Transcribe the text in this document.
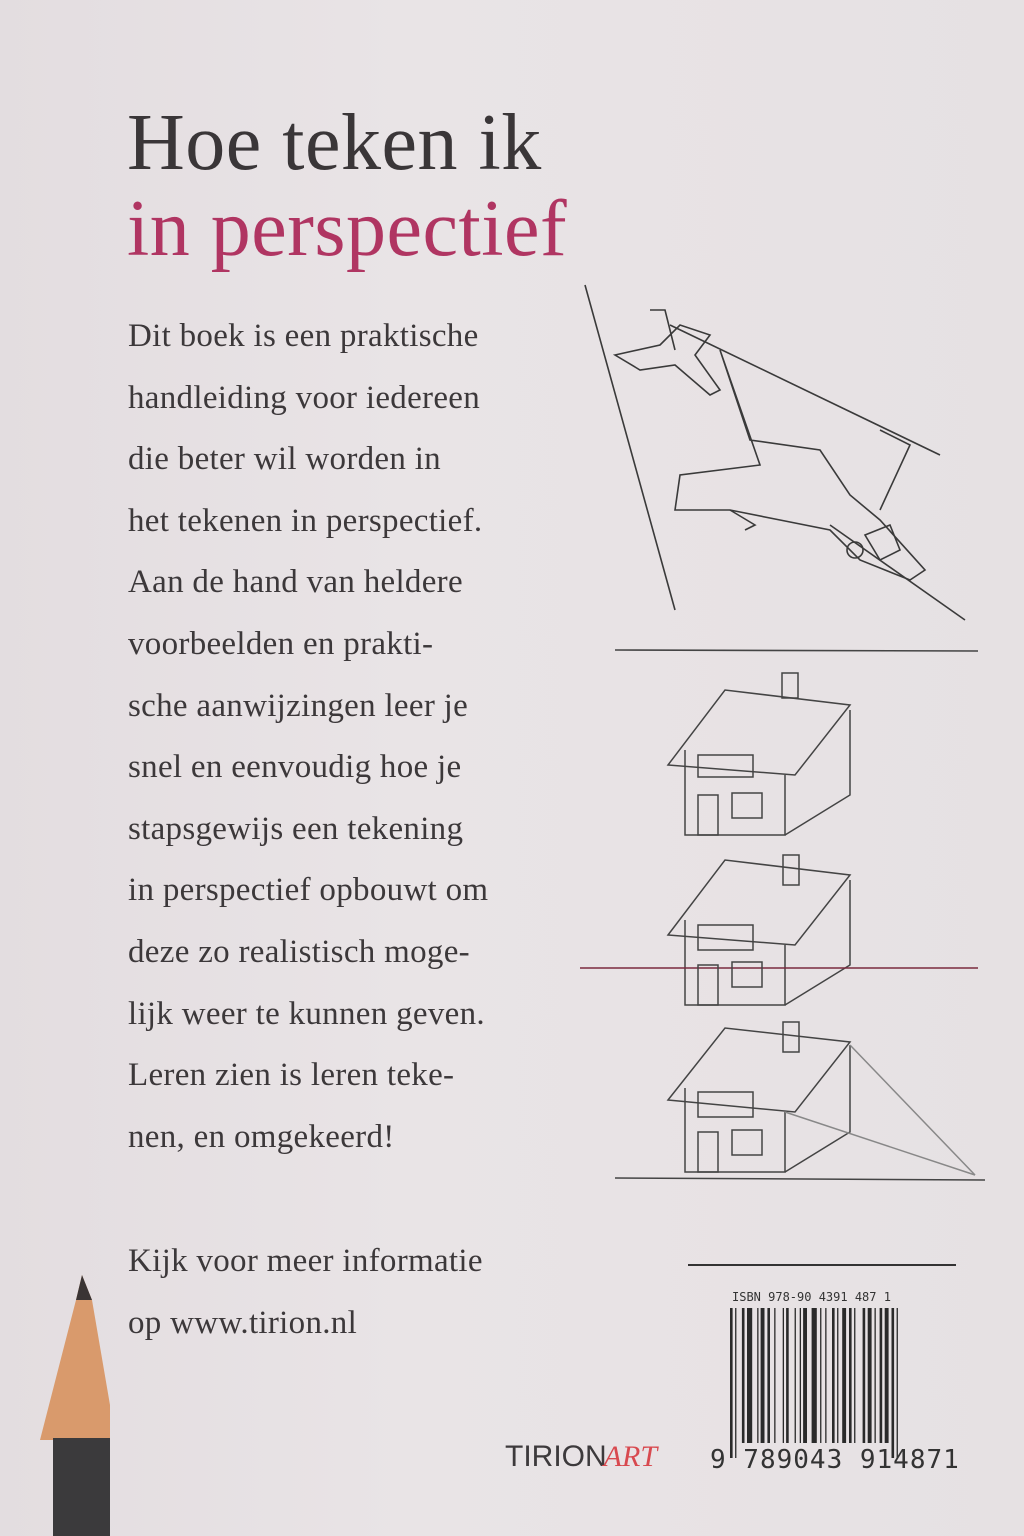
Hoe teken ik
in perspectief
Dit boek is een praktische
handleiding voor iedereen
die beter wil worden in
het tekenen in perspectief.
Aan de hand van heldere
voorbeelden en prakti-
sche aanwijzingen leer je
snel en eenvoudig hoe je
stapsgewijs een tekening
in perspectief opbouwt om
deze zo realistisch moge-
lijk weer te kunnen geven.
Leren zien is leren teke-
nen, en omgekeerd!
Kijk voor meer informatie
op www.tirion.nl
TIRIONART
ISBN 978-90 4391 487 1
9 789043 914871
